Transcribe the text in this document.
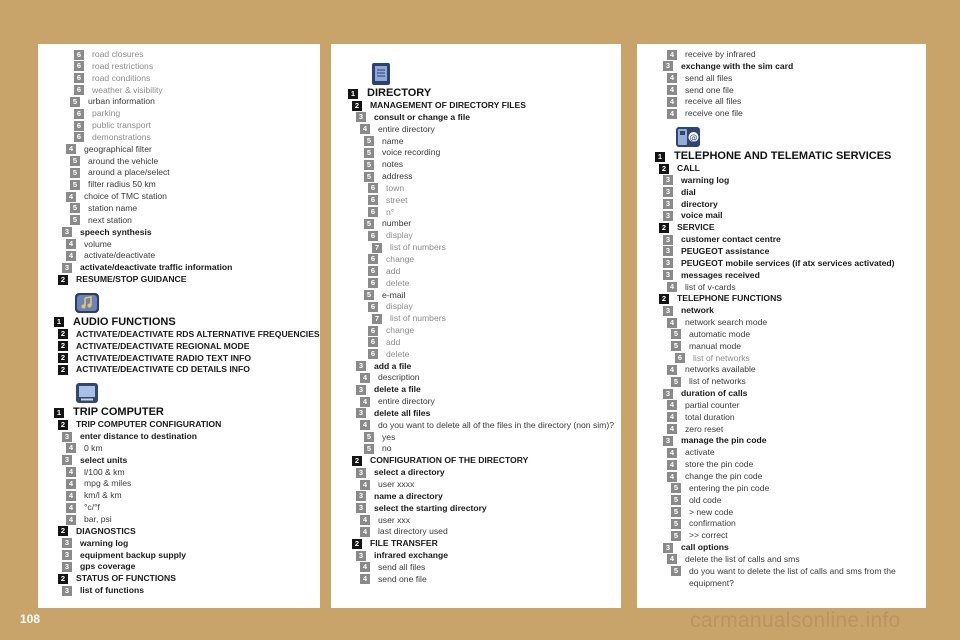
6	road closures
6	road restrictions
6	road conditions
6	weather & visibility
5	urban information
6	parking
6	public transport
6	demonstrations
4	geographical filter
5	around the vehicle
5	around a place/select
5	filter radius 50 km
4	choice of TMC station
5	station name
5	next station
3	speech synthesis
4	volume
4	activate/deactivate
3	activate/deactivate traffic information
2	RESUME/STOP GUIDANCE
1 AUDIO FUNCTIONS
2	ACTIVATE/DEACTIVATE RDS ALTERNATIVE FREQUENCIES
2	ACTIVATE/DEACTIVATE REGIONAL MODE
2	ACTIVATE/DEACTIVATE RADIO TEXT INFO
2	ACTIVATE/DEACTIVATE CD DETAILS INFO
1 TRIP COMPUTER
2	TRIP COMPUTER CONFIGURATION
3	enter distance to destination
4	0 km
3	select units
4	l/100 & km
4	mpg & miles
4	km/l & km
4	°c/°f
4	bar, psi
2	DIAGNOSTICS
3	warning log
3	equipment backup supply
3	gps coverage
2	STATUS OF FUNCTIONS
3	list of functions
1 DIRECTORY
2	MANAGEMENT OF DIRECTORY FILES
3	consult or change a file
4	entire directory
5	name
5	voice recording
5	notes
5	address
6	town
6	street
6	n°
5	number
6	display
7	list of numbers
6	change
6	add
6	delete
5	e-mail
6	display
7	list of numbers
6	change
6	add
6	delete
3	add a file
4	description
3	delete a file
4	entire directory
3	delete all files
4	do you want to delete all of the files in the directory (non sim)?
5	yes
5	no
2	CONFIGURATION OF THE DIRECTORY
3	select a directory
4	user xxxx
3	name a directory
3	select the starting directory
4	user xxx
4	last directory used
2	FILE TRANSFER
3	infrared exchange
4	send all files
4	send one file
4	receive by infrared
3	exchange with the sim card
4	send all files
4	send one file
4	receive all files
4	receive one file
@
1 TELEPHONE AND TELEMATIC SERVICES
2	CALL
3	warning log
3	dial
3	directory
3	voice mail
2	SERVICE
3	customer contact centre
3	PEUGEOT assistance
3	PEUGEOT mobile services (if atx services activated)
3	messages received
4	list of v-cards
2	TELEPHONE FUNCTIONS
3	network
4	network search mode
5	automatic mode
5	manual mode
6	list of networks
4	networks available
5	list of networks
3	duration of calls
4	partial counter
4	total duration
4	zero reset
3	manage the pin code
4	activate
4	store the pin code
4	change the pin code
5	entering the pin code
5	old code
5	> new code
5	confirmation
5	>> correct
3	call options
4	delete the list of calls and sms
5	do you want to delete the list of calls and sms from the equipment?
108	carmanualsonline.info
